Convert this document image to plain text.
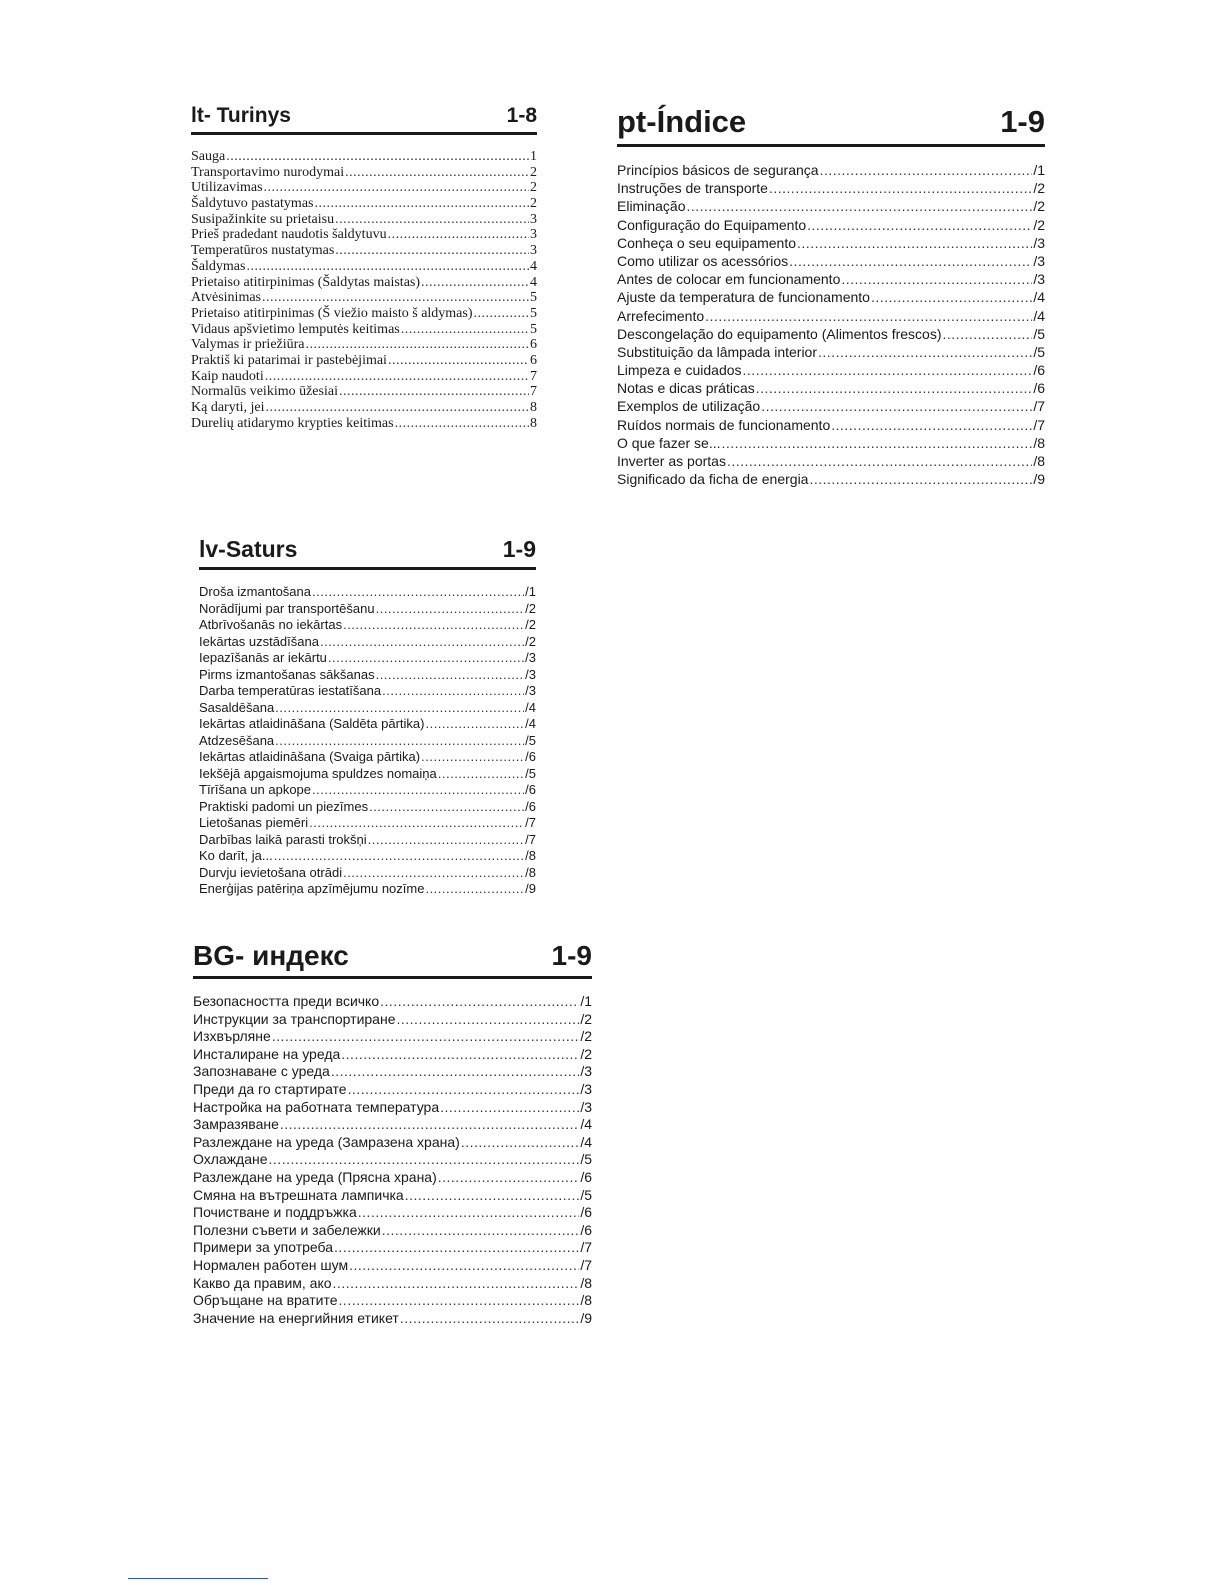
lt- Turinys	1-8
Sauga .....	1
Transportavimo nurodymai .....	2
Utilizavimas .....	2
Šaldytuvo pastatymas .....	2
Susipažinkite su prietaisu .....	3
Prieš pradedant naudotis šaldytuvu .....	3
Temperatūros nustatymas .....	3
Šaldymas .....	4
Prietaiso atitirpinimas (Šaldytas maistas) .....	4
Atvėsinimas .....	5
Prietaiso atitirpinimas (Š viežio maisto š aldymas) .....	5
Vidaus apšvietimo lemputės keitimas .....	5
Valymas ir priežiūra .....	6
Praktiš ki patarimai ir pastebėjimai .....	6
Kaip naudoti .....	7
Normalūs veikimo ūžesiai .....	7
Ką daryti, jei .....	8
Durelių atidarymo krypties keitimas .....	8
pt-Índice	1-9
Princípios básicos de segurança .....	/1
Instruções de transporte .....	/2
Eliminação .....	/2
Configuração do Equipamento .....	/2
Conheça o seu equipamento .....	/3
Como utilizar os acessórios .....	/3
Antes de colocar em funcionamento .....	/3
Ajuste da temperatura de funcionamento .....	/4
Arrefecimento .....	/4
Descongelação do equipamento (Alimentos frescos) .....	/5
Substituição da lâmpada interior .....	/5
Limpeza e cuidados .....	/6
Notas e dicas práticas .....	/6
Exemplos de utilização .....	/7
Ruídos normais de funcionamento .....	/7
O que fazer se... .....	/8
Inverter as portas .....	/8
Significado da ficha de energia .....	/9
lv-Saturs	1-9
Droša izmantošana .....	/1
Norādījumi par transportēšanu .....	/2
Atbrīvošanās no iekārtas .....	/2
Iekārtas uzstādīšana .....	/2
Iepazīšanās ar iekārtu .....	/3
Pirms izmantošanas sākšanas .....	/3
Darba temperatūras iestatīšana .....	/3
Sasaldēšana .....	/4
Iekārtas atlaidināšana (Saldēta pārtika) .....	/4
Atdzesēšana .....	/5
Iekārtas atlaidināšana (Svaiga pārtika) .....	/6
Iekšējā apgaismojuma spuldzes nomaiņa .....	/5
Tīrīšana un apkope .....	/6
Praktiski padomi un piezīmes .....	/6
Lietošanas piemēri .....	/7
Darbības laikā parasti trokšņi .....	/7
Ko darīt, ja... .....	/8
Durvju ievietošana otrādi .....	/8
Enerģijas patēriņa apzīmējumu nozīme .....	/9
BG- индекс	1-9
Безопасността преди всичко .....	/1
Инструкции за транспортиране .....	/2
Изхвърляне .....	/2
Инсталиране на уреда .....	/2
Запознаване с уреда .....	/3
Преди да го стартирате .....	/3
Настройка на работната температура .....	/3
Замразяване .....	/4
Разлеждане на уреда (Замразена храна) .....	/4
Охлаждане .....	/5
Разлеждане на уреда (Прясна храна) .....	/6
Смяна на вътрешната лампичка .....	/5
Почистване и поддръжка .....	/6
Полезни съвети и забележки .....	/6
Примери за употреба .....	/7
Нормален работен шум .....	/7
Какво да правим, ако .....	/8
Обръщане на вратите .....	/8
Значение на енергийния етикет .....	/9
